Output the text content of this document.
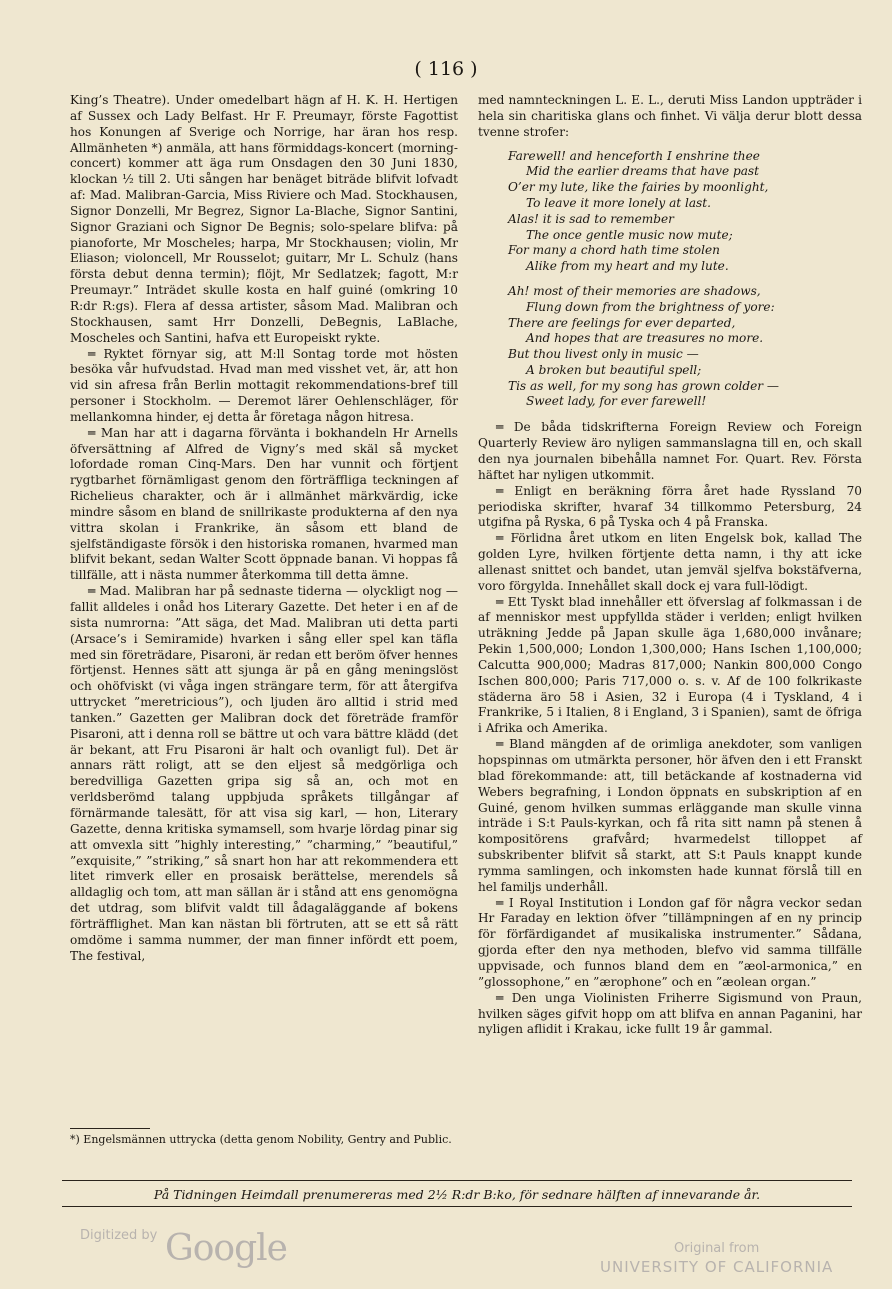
( 116 )

King’s Theatre). Under omedelbart hägn af H. K. H. Hertigen af Sussex och Lady Belfast. Hr F. Preumayr, förste Fagottist hos Konungen af Sverige och Norrige, har äran hos resp. Allmänheten *) anmäla, att hans förmiddags-koncert (morning-concert) kommer att äga rum Onsdagen den 30 Juni 1830, klockan ½ till 2. Uti sången har benäget biträde blifvit lofvadt af: Mad. Malibran-Garcia, Miss Riviere och Mad. Stockhausen, Signor Donzelli, Mr Begrez, Signor La-Blache, Signor Santini, Signor Graziani och Signor De Begnis; solo-spelare blifva: på pianoforte, Mr Moscheles; harpa, Mr Stockhausen; violin, Mr Eliason; violoncell, Mr Rousselot; guitarr, Mr L. Schulz (hans första debut denna termin); flöjt, Mr Sedlatzek; fagott, M:r Preumayr.” Inträdet skulle kosta en half guiné (omkring 10 R:dr R:gs). Flera af dessa artister, såsom Mad. Malibran och Stockhausen, samt Hrr Donzelli, DeBegnis, LaBlache, Moscheles och Santini, hafva ett Europeiskt rykte.

═ Ryktet förnyar sig, att M:ll Sontag torde mot hösten besöka vår hufvudstad. Hvad man med visshet vet, är, att hon vid sin afresa från Berlin mottagit rekommendations-bref till personer i Stockholm. — Deremot lärer Oehlenschläger, för mellankomna hinder, ej detta år företaga någon hitresa.

═ Man har att i dagarna förvänta i bokhandeln Hr Arnells öfversättning af Alfred de Vigny’s med skäl så mycket lofordade roman Cinq-Mars. Den har vunnit och förtjent rygtbarhet förnämligast genom den förträffliga teckningen af Richelieus charakter, och är i allmänhet märkvärdig, icke mindre såsom en bland de snillrikaste produkterna af den nya vittra skolan i Frankrike, än såsom ett bland de sjelfständigaste försök i den historiska romanen, hvarmed man blifvit bekant, sedan Walter Scott öppnade banan. Vi hoppas få tillfälle, att i nästa nummer återkomma till detta ämne.

═ Mad. Malibran har på sednaste tiderna — olyckligt nog — fallit alldeles i onåd hos Literary Gazette. Det heter i en af de sista numrorna: ”Att säga, det Mad. Malibran uti detta parti (Arsace’s i Semiramide) hvarken i sång eller spel kan täfla med sin företrädare, Pisaroni, är redan ett beröm öfver hennes förtjenst. Hennes sätt att sjunga är på en gång meningslöst och ohöfviskt (vi våga ingen strängare term, för att återgifva uttrycket ”meretricious”), och ljuden äro alltid i strid med tanken.” Gazetten ger Malibran dock det företräde framför Pisaroni, att i denna roll se bättre ut och vara bättre klädd (det är bekant, att Fru Pisaroni är halt och ovanligt ful). Det är annars rätt roligt, att se den eljest så medgörliga och beredvilliga Gazetten gripa sig så an, och mot en verldsberömd talang uppbjuda språkets tillgångar af förnärmande talesätt, för att visa sig karl, — hon, Literary Gazette, denna kritiska symamsell, som hvarje lördag pinar sig att omvexla sitt ”highly interesting,” ”charming,” ”beautiful,” ”exquisite,” ”striking,” så snart hon har att rekommendera ett litet rimverk eller en prosaisk berättelse, merendels så alldaglig och tom, att man sällan är i stånd att ens genomögna det utdrag, som blifvit valdt till ådagaläggande af bokens förträfflighet. Man kan nästan bli förtruten, att se ett så rätt omdöme i samma nummer, der man finner infördt ett poem, The festival,

*) Engelsmännen uttrycka (detta genom Nobility, Gentry and Public.

med namnteckningen L. E. L., deruti Miss Landon uppträder i hela sin charitiska glans och finhet. Vi välja derur blott dessa tvenne strofer:

Farewell! and henceforth I enshrine thee
Mid the earlier dreams that have past
O’er my lute, like the fairies by moonlight,
To leave it more lonely at last.
Alas! it is sad to remember
The once gentle music now mute;
For many a chord hath time stolen
Alike from my heart and my lute.
Ah! most of their memories are shadows,
Flung down from the brightness of yore:
There are feelings for ever departed,
And hopes that are treasures no more.
But thou livest only in music —
A broken but beautiful spell;
Tis as well, for my song has grown colder —
Sweet lady, for ever farewell!

═ De båda tidskrifterna Foreign Review och Foreign Quarterly Review äro nyligen sammanslagna till en, och skall den nya journalen bibehålla namnet For. Quart. Rev. Första häftet har nyligen utkommit.

═ Enligt en beräkning förra året hade Ryssland 70 periodiska skrifter, hvaraf 34 tillkommo Petersburg, 24 utgifna på Ryska, 6 på Tyska och 4 på Franska.

═ Förlidna året utkom en liten Engelsk bok, kallad The golden Lyre, hvilken förtjente detta namn, i thy att icke allenast snittet och bandet, utan jemväl sjelfva bokstäfverna, voro förgylda. Innehållet skall dock ej vara full-lödigt.

═ Ett Tyskt blad innehåller ett öfverslag af folkmassan i de af menniskor mest uppfyllda städer i verlden; enligt hvilken uträkning Jedde på Japan skulle äga 1,680,000 invånare; Pekin 1,500,000; London 1,300,000; Hans Ischen 1,100,000; Calcutta 900,000; Madras 817,000; Nankin 800,000 Congo Ischen 800,000; Paris 717,000 o. s. v. Af de 100 folkrikaste städerna äro 58 i Asien, 32 i Europa (4 i Tyskland, 4 i Frankrike, 5 i Italien, 8 i England, 3 i Spanien), samt de öfriga i Afrika och Amerika.

═ Bland mängden af de orimliga anekdoter, som vanligen hopspinnas om utmärkta personer, hör äfven den i ett Franskt blad förekommande: att, till betäckande af kostnaderna vid Webers begrafning, i London öppnats en subskription af en Guiné, genom hvilken summas erläggande man skulle vinna inträde i S:t Pauls-kyrkan, och få rita sitt namn på stenen å kompositörens grafvård; hvarmedelst tilloppet af subskribenter blifvit så starkt, att S:t Pauls knappt kunde rymma samlingen, och inkomsten hade kunnat förslå till en hel familjs underhåll.

═ I Royal Institution i London gaf för några veckor sedan Hr Faraday en lektion öfver ”tillämpningen af en ny princip för förfärdigandet af musikaliska instrumenter.” Sådana, gjorda efter den nya methoden, blefvo vid samma tillfälle uppvisade, och funnos bland dem en ”æol-armonica,” en ”glossophone,” en ”ærophone” och en ”æolean organ.”

═ Den unga Violinisten Friherre Sigismund von Praun, hvilken säges gifvit hopp om att blifva en annan Paganini, har nyligen aflidit i Krakau, icke fullt 19 år gammal.

På Tidningen Heimdall prenumereras med 2½ R:dr B:ko, för sednare hälften af innevarande år.
Digitized by Google	Original from
UNIVERSITY OF CALIFORNIA
